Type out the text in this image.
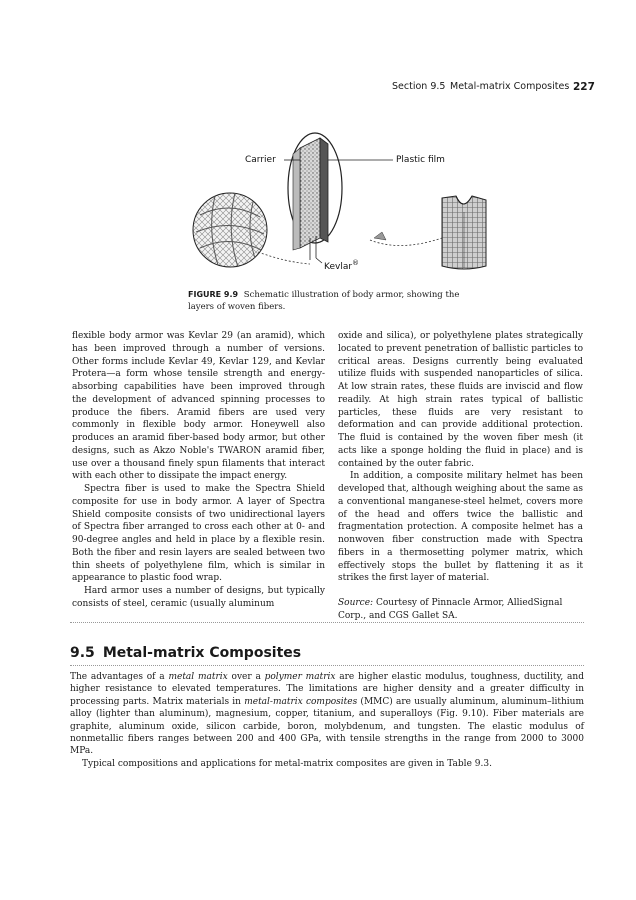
Section 9.5 Metal-matrix Composites 227
Carrier	Plastic film
Kevlar®
FIGURE 9.9 Schematic illustration of body armor, showing the layers of woven fibers.

flexible body armor was Kevlar 29 (an aramid), which has been improved through a number of versions. Other forms include Kevlar 49, Kevlar 129, and Kevlar Protera—a form whose tensile strength and energy-absorbing capabilities have been improved through the development of advanced spinning processes to produce the fibers. Aramid fibers are used very commonly in flexible body armor. Honeywell also produces an aramid fiber-based body armor, but other designs, such as Akzo Noble's TWARON aramid fiber, use over a thousand finely spun filaments that interact with each other to dissipate the impact energy.

Spectra fiber is used to make the Spectra Shield composite for use in body armor. A layer of Spectra Shield composite consists of two unidirectional layers of Spectra fiber arranged to cross each other at 0- and 90-degree angles and held in place by a flexible resin. Both the fiber and resin layers are sealed between two thin sheets of polyethylene film, which is similar in appearance to plastic food wrap.

Hard armor uses a number of designs, but typically consists of steel, ceramic (usually aluminum

oxide and silica), or polyethylene plates strategically located to prevent penetration of ballistic particles to critical areas. Designs currently being evaluated utilize fluids with suspended nanoparticles of silica. At low strain rates, these fluids are inviscid and flow readily. At high strain rates typical of ballistic particles, these fluids are very resistant to deformation and can provide additional protection. The fluid is contained by the woven fiber mesh (it acts like a sponge holding the fluid in place) and is contained by the outer fabric.

In addition, a composite military helmet has been developed that, although weighing about the same as a conventional manganese-steel helmet, covers more of the head and offers twice the ballistic and fragmentation protection. A composite helmet has a nonwoven fiber construction made with Spectra fibers in a thermosetting polymer matrix, which effectively stops the bullet by flattening it as it strikes the first layer of material.

Source: Courtesy of Pinnacle Armor, AlliedSignal Corp., and CGS Gallet SA.

9.5 Metal-matrix Composites

The advantages of a metal matrix over a polymer matrix are higher elastic modulus, toughness, ductility, and higher resistance to elevated temperatures. The limitations are higher density and a greater difficulty in processing parts. Matrix materials in metal-matrix composites (MMC) are usually aluminum, aluminum–lithium alloy (lighter than aluminum), magnesium, copper, titanium, and superalloys (Fig. 9.10). Fiber materials are graphite, aluminum oxide, silicon carbide, boron, molybdenum, and tungsten. The elastic modulus of nonmetallic fibers ranges between 200 and 400 GPa, with tensile strengths in the range from 2000 to 3000 MPa.

Typical compositions and applications for metal-matrix composites are given in Table 9.3.
